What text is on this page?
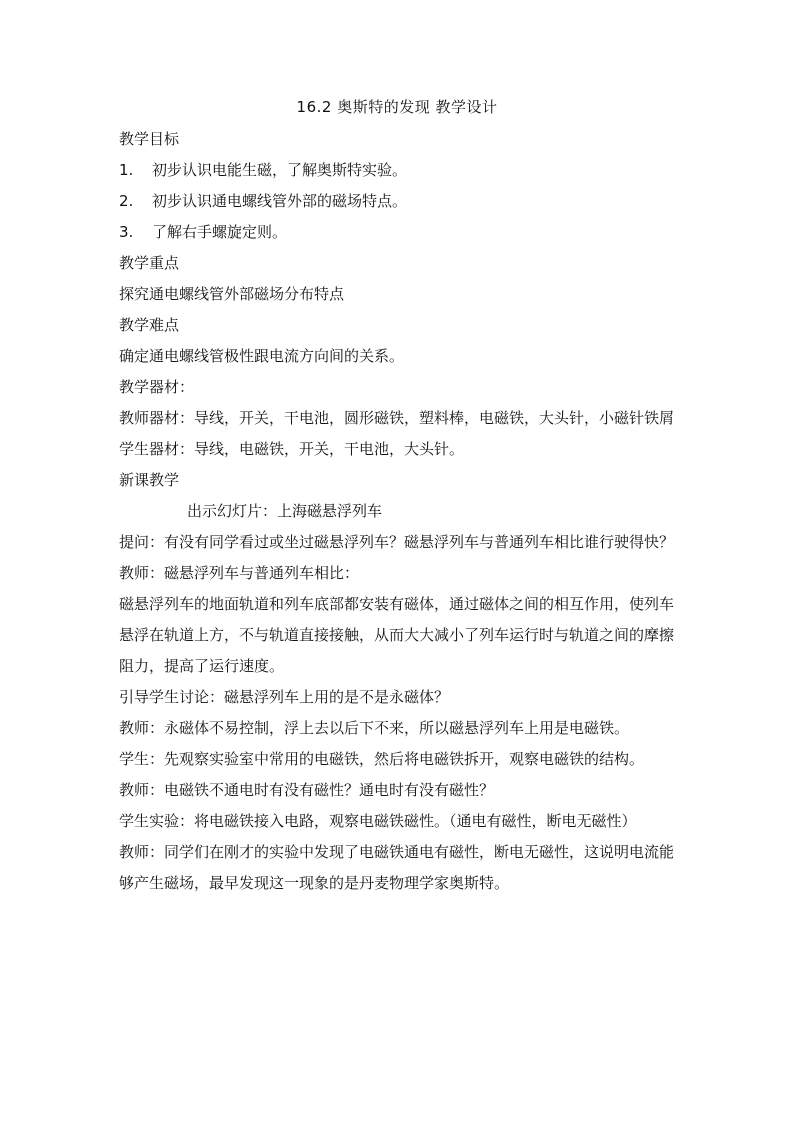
16.2 奥斯特的发现 教学设计
教学目标
1. 初步认识电能生磁，了解奥斯特实验。
2. 初步认识通电螺线管外部的磁场特点。
3. 了解右手螺旋定则。
教学重点
探究通电螺线管外部磁场分布特点
教学难点
确定通电螺线管极性跟电流方向间的关系。
教学器材：
教师器材：导线，开关，干电池，圆形磁铁，塑料棒，电磁铁，大头针，小磁针铁屑
学生器材：导线，电磁铁，开关，干电池，大头针。
新课教学
出示幻灯片：上海磁悬浮列车
提问：有没有同学看过或坐过磁悬浮列车？磁悬浮列车与普通列车相比谁行驶得快？
教师：磁悬浮列车与普通列车相比：
磁悬浮列车的地面轨道和列车底部都安装有磁体，通过磁体之间的相互作用，使列车悬浮在轨道上方，不与轨道直接接触，从而大大减小了列车运行时与轨道之间的摩擦阻力，提高了运行速度。
引导学生讨论：磁悬浮列车上用的是不是永磁体？
教师：永磁体不易控制，浮上去以后下不来，所以磁悬浮列车上用是电磁铁。
学生：先观察实验室中常用的电磁铁，然后将电磁铁拆开，观察电磁铁的结构。
教师：电磁铁不通电时有没有磁性？通电时有没有磁性？
学生实验：将电磁铁接入电路，观察电磁铁磁性。（通电有磁性，断电无磁性）
教师：同学们在刚才的实验中发现了电磁铁通电有磁性，断电无磁性，这说明电流能够产生磁场，最早发现这一现象的是丹麦物理学家奥斯特。
